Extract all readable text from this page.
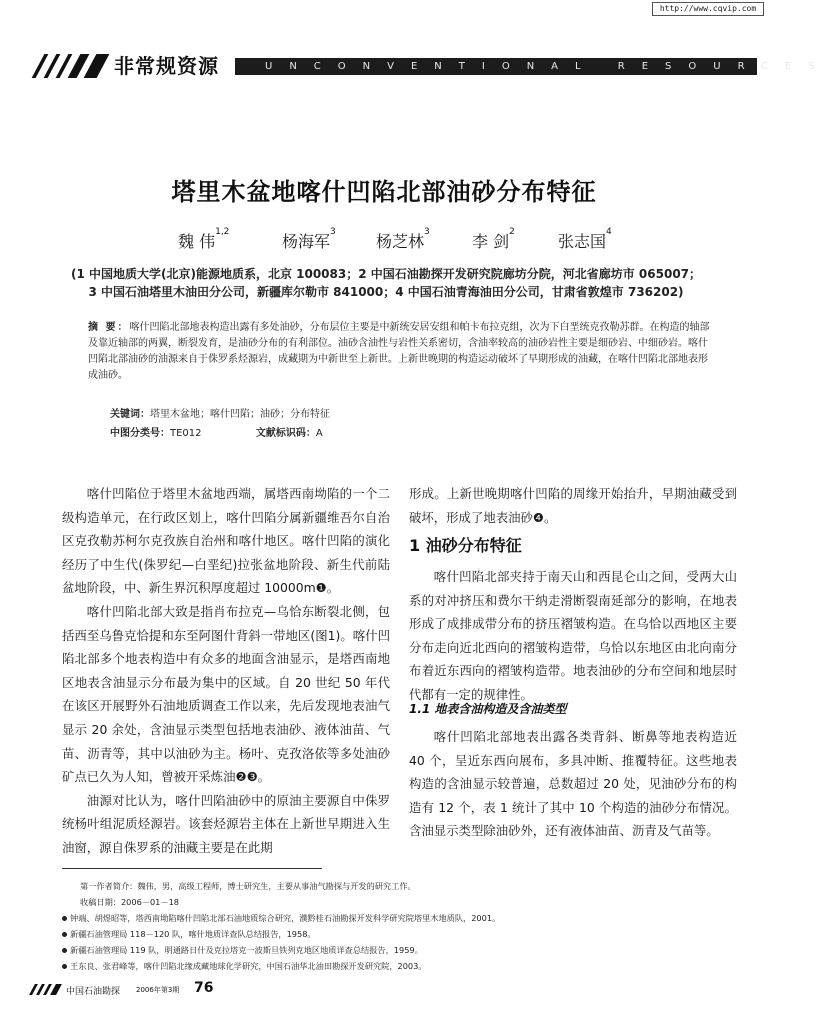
http://www.cqvip.com
非常规资源	UNCONVENTIONAL RESOURCES
塔里木盆地喀什凹陷北部油砂分布特征
魏 伟$^{1,2}$	杨海军$^3$	杨芝林$^3$	李 剑$^2$	张志国$^4$
(1 中国地质大学(北京)能源地质系，北京 100083；2 中国石油勘探开发研究院廊坊分院，河北省廊坊市 065007；
3 中国石油塔里木油田分公司，新疆库尔勒市 841000；4 中国石油青海油田分公司，甘肃省敦煌市 736202)
摘 要：喀什凹陷北部地表构造出露有多处油砂，分布层位主要是中新统安居安组和帕卡布拉克组，次为下白垩统克孜勒苏群。在构造的轴部及靠近轴部的两翼，断裂发育，是油砂分布的有利部位。油砂含油性与岩性关系密切，含油率较高的油砂岩性主要是细砂岩、中细砂岩。喀什凹陷北部油砂的油源来自于侏罗系烃源岩，成藏期为中新世至上新世。上新世晚期的构造运动破坏了早期形成的油藏，在喀什凹陷北部地表形成油砂。
关键词：塔里木盆地；喀什凹陷；油砂；分布特征
中图分类号：TE012	文献标识码：A

喀什凹陷位于塔里木盆地西端，属塔西南坳陷的一个二级构造单元，在行政区划上，喀什凹陷分属新疆维吾尔自治区克孜勒苏柯尔克孜族自治州和喀什地区。喀什凹陷的演化经历了中生代(侏罗纪—白垩纪)拉张盆地阶段、新生代前陆盆地阶段，中、新生界沉积厚度超过 10000m❶。

喀什凹陷北部大致是指肖布拉克—乌恰东断裂北侧，包括西至乌鲁克恰提和东至阿图什背斜一带地区(图1)。喀什凹陷北部多个地表构造中有众多的地面含油显示，是塔西南地区地表含油显示分布最为集中的区域。自 20 世纪 50 年代在该区开展野外石油地质调查工作以来，先后发现地表油气显示 20 余处，含油显示类型包括地表油砂、液体油苗、气苗、沥青等，其中以油砂为主。杨叶、克孜洛依等多处油砂矿点已久为人知，曾被开采炼油❷❸。

油源对比认为，喀什凹陷油砂中的原油主要源自中侏罗统杨叶组泥质烃源岩。该套烃源岩主体在上新世早期进入生油窗，源自侏罗系的油藏主要是在此期

形成。上新世晚期喀什凹陷的周缘开始抬升，早期油藏受到破坏，形成了地表油砂❹。

1 油砂分布特征

喀什凹陷北部夹持于南天山和西昆仑山之间，受两大山系的对冲挤压和费尔干纳走滑断裂南延部分的影响，在地表形成了成排成带分布的挤压褶皱构造。在乌恰以西地区主要分布走向近北西向的褶皱构造带，乌恰以东地区由北向南分布着近东西向的褶皱构造带。地表油砂的分布空间和地层时代都有一定的规律性。

1.1 地表含油构造及含油类型

喀什凹陷北部地表出露各类背斜、断鼻等地表构造近 40 个，呈近东西向展布，多具冲断、推覆特征。这些地表构造的含油显示较普遍，总数超过 20 处，见油砂分布的构造有 12 个，表 1 统计了其中 10 个构造的油砂分布情况。含油显示类型除油砂外，还有液体油苗、沥青及气苗等。

第一作者简介：魏伟，男，高级工程师，博士研究生，主要从事油气勘探与开发的研究工作。
收稿日期：2006－01－18
钟端、胡煜昭等，塔西南坳陷喀什凹陷北部石油地质综合研究，濮黔桂石油勘探开发科学研究院塔里木地质队，2001。
新疆石油管理局 118－120 队，喀什地质详查队总结报告，1958。
新疆石油管理局 119 队，明通路日什及克拉塔克一波斯旦铁列克地区地质详查总结报告，1959。
王东良、张君峰等，喀什凹陷北缘成藏地球化学研究，中国石油华北油田勘探开发研究院，2003。
中国石油勘探 2006年第3期 76
